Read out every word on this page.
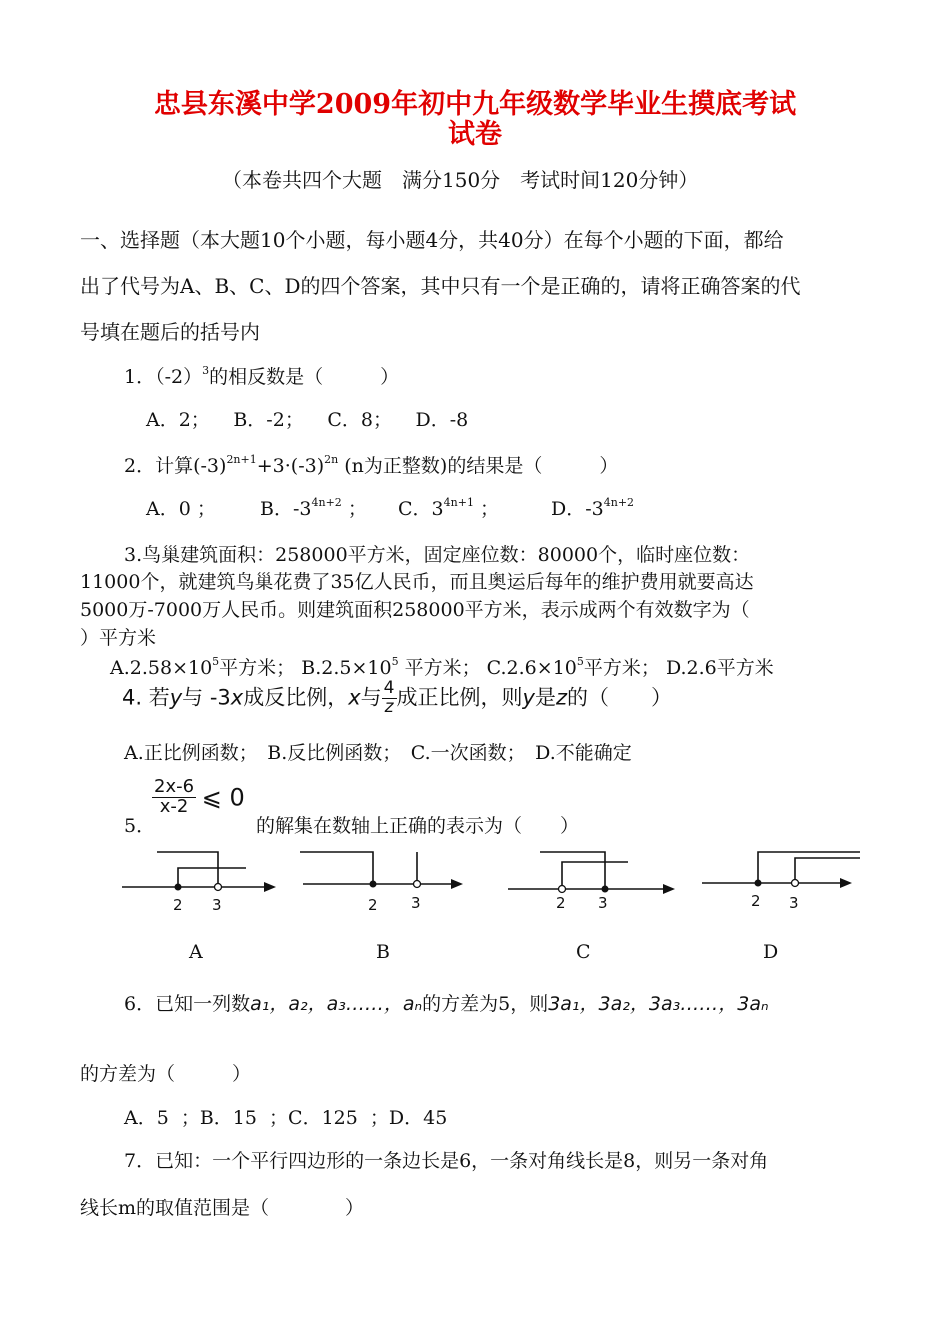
忠县东溪中学2009年初中九年级数学毕业生摸底考试
试卷
（本卷共四个大题　满分150分　考试时间120分钟）
一、选择题（本大题10个小题，每小题4分，共40分）在每个小题的下面，都给
出了代号为A、B、C、D的四个答案，其中只有一个是正确的，请将正确答案的代
号填在题后的括号内
1．$(-2)^3$的相反数是（　　　）
A．2；　 B．-2；　 C．8；　 D．-8
2．计算$(-3)^{2n+1}+3\cdot(-3)^{2n}$ (n为正整数)的结果是（　　　）
A．0 ； B．$-3^{4n+2}$ ； C．$3^{4n+1}$ ；	D．$-3^{4n+2}$
3.鸟巢建筑面积：258000平方米，固定座位数：80000个，临时座位数：
11000个，就建筑鸟巢花费了35亿人民币，而且奥运后每年的维护费用就要高达
5000万-7000万人民币。则建筑面积258000平方米，表示成两个有效数字为（
）平方米
$A.2.58\times 10^5$平方米； $B.2.5\times 10^5$ 平方米； $C.2.6\times 10^5$平方米； D.2.6平方米
4. 若y与 -3x成反比例，x与 $\frac{4}{z}$ 成正比例，则y是z的（　　）
A.正比例函数；　B.反比例函数；　C.一次函数；　D.不能确定
$\frac{2x-6}{x-2}$ ⩽ 0
5．	的解集在数轴上正确的表示为（　　）
2 3	2 3	2 3	2 3
A	B	C	D
6．已知一列数a₁，a₂，a₃……，aₙ的方差为5，则3a₁，3a₂，3a₃……，3aₙ
的方差为（　　　）
A．5 ；B．15 ；C．125 ；D．45
7．已知：一个平行四边形的一条边长是6，一条对角线长是8，则另一条对角
线长m的取值范围是（　　　　）
